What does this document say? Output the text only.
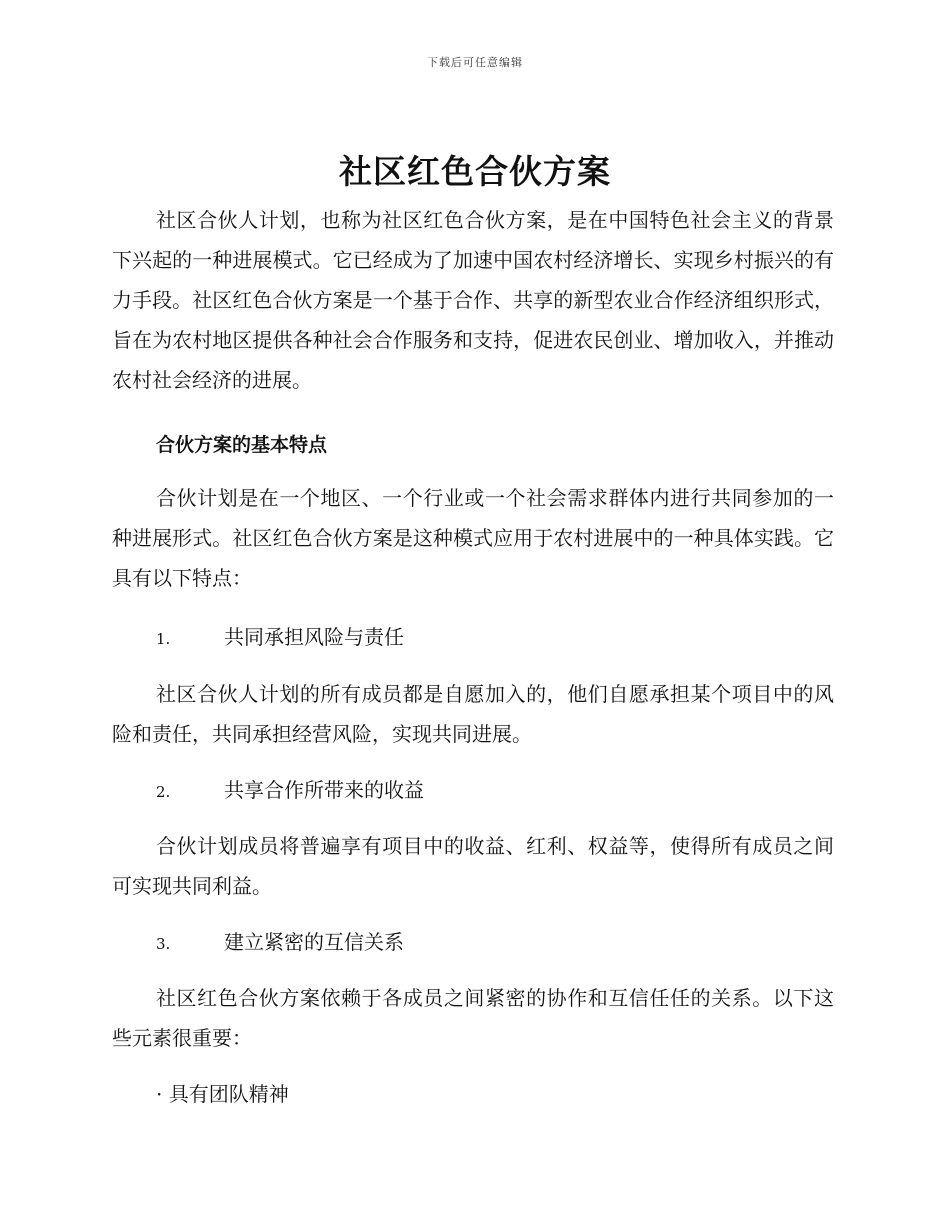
下载后可任意编辑
社区红色合伙方案

社区合伙人计划，也称为社区红色合伙方案，是在中国特色社会主义的背景下兴起的一种进展模式。它已经成为了加速中国农村经济增长、实现乡村振兴的有力手段。社区红色合伙方案是一个基于合作、共享的新型农业合作经济组织形式，旨在为农村地区提供各种社会合作服务和支持，促进农民创业、增加收入，并推动农村社会经济的进展。

合伙方案的基本特点

合伙计划是在一个地区、一个行业或一个社会需求群体内进行共同参加的一种进展形式。社区红色合伙方案是这种模式应用于农村进展中的一种具体实践。它具有以下特点：

1.	共同承担风险与责任

社区合伙人计划的所有成员都是自愿加入的，他们自愿承担某个项目中的风险和责任，共同承担经营风险，实现共同进展。

2.	共享合作所带来的收益

合伙计划成员将普遍享有项目中的收益、红利、权益等，使得所有成员之间可实现共同利益。

3.	建立紧密的互信关系

社区红色合伙方案依赖于各成员之间紧密的协作和互信任任的关系。以下这些元素很重要：

· 具有团队精神
